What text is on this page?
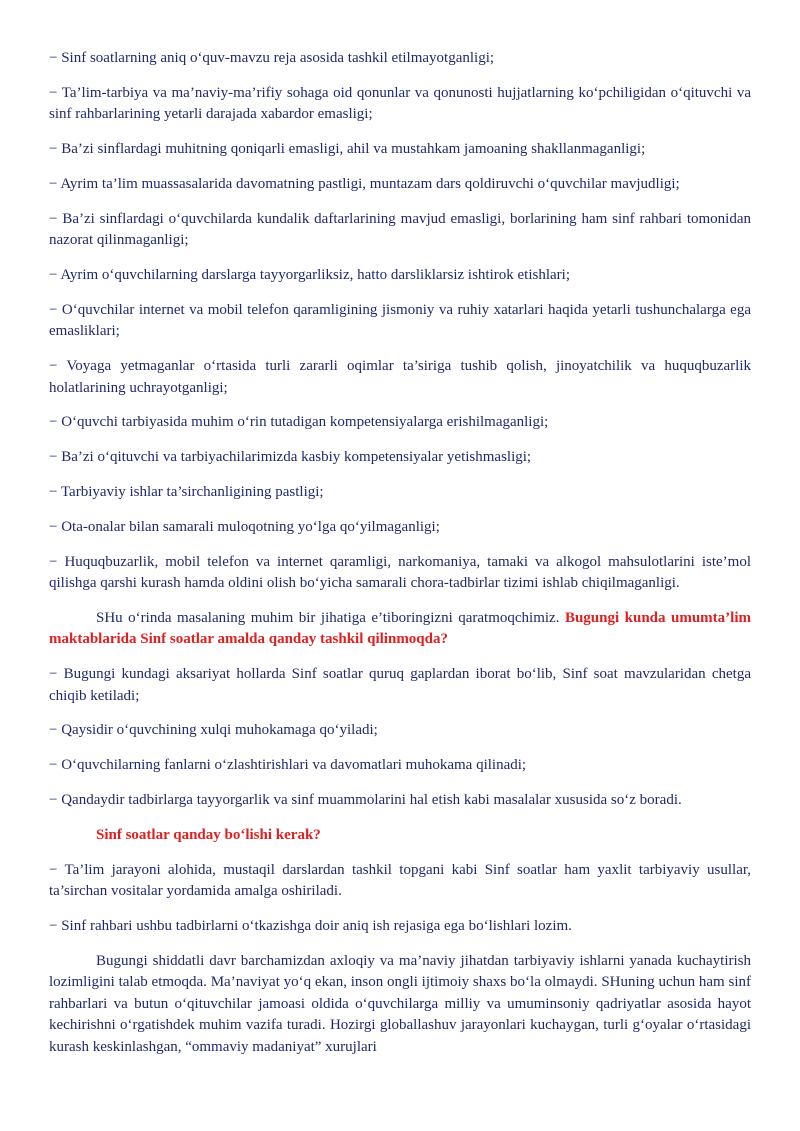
− Sinf soatlarning aniq o‘quv-mavzu reja asosida tashkil etilmayotganligi;

− Ta’lim-tarbiya va ma’naviy-ma’rifiy sohaga oid qonunlar va qonunosti hujjatlarning ko‘pchiligidan o‘qituvchi va sinf rahbarlarining yetarli darajada xabardor emasligi;

− Ba’zi sinflardagi muhitning qoniqarli emasligi, ahil va mustahkam jamoaning shakllanmaganligi;

− Ayrim ta’lim muassasalarida davomatning pastligi, muntazam dars qoldiruvchi o‘quvchilar mavjudligi;

− Ba’zi sinflardagi o‘quvchilarda kundalik daftarlarining mavjud emasligi, borlarining ham sinf rahbari tomonidan nazorat qilinmaganligi;

− Ayrim o‘quvchilarning darslarga tayyorgarliksiz, hatto darsliklarsiz ishtirok etishlari;

− O‘quvchilar internet va mobil telefon qaramligining jismoniy va ruhiy xatarlari haqida yetarli tushunchalarga ega emasliklari;

− Voyaga yetmaganlar o‘rtasida turli zararli oqimlar ta’siriga tushib qolish, jinoyatchilik va huquqbuzarlik holatlarining uchrayotganligi;

− O‘quvchi tarbiyasida muhim o‘rin tutadigan kompetensiyalarga erishilmaganligi;

− Ba’zi o‘qituvchi va tarbiyachilarimizda kasbiy kompetensiyalar yetishmasligi;

− Tarbiyaviy ishlar ta’sirchanligining pastligi;

− Ota-onalar bilan samarali muloqotning yo‘lga qo‘yilmaganligi;

− Huquqbuzarlik, mobil telefon va internet qaramligi, narkomaniya, tamaki va alkogol mahsulotlarini iste’mol qilishga qarshi kurash hamda oldini olish bo‘yicha samarali chora-tadbirlar tizimi ishlab chiqilmaganligi.

SHu o‘rinda masalaning muhim bir jihatiga e’tiboringizni qaratmoqchimiz. Bugungi kunda umumta’lim maktablarida Sinf soatlar amalda qanday tashkil qilinmoqda?

− Bugungi kundagi aksariyat hollarda Sinf soatlar quruq gaplardan iborat bo‘lib, Sinf soat mavzularidan chetga chiqib ketiladi;

− Qaysidir o‘quvchining xulqi muhokamaga qo‘yiladi;

− O‘quvchilarning fanlarni o‘zlashtirishlari va davomatlari muhokama qilinadi;

− Qandaydir tadbirlarga tayyorgarlik va sinf muammolarini hal etish kabi masalalar xususida so‘z boradi.

Sinf soatlar qanday bo‘lishi kerak?

− Ta’lim jarayoni alohida, mustaqil darslardan tashkil topgani kabi Sinf soatlar ham yaxlit tarbiyaviy usullar, ta’sirchan vositalar yordamida amalga oshiriladi.

− Sinf rahbari ushbu tadbirlarni o‘tkazishga doir aniq ish rejasiga ega bo‘lishlari lozim.

Bugungi shiddatli davr barchamizdan axloqiy va ma’naviy jihatdan tarbiyaviy ishlarni yanada kuchaytirish lozimligini talab etmoqda. Ma’naviyat yo‘q ekan, inson ongli ijtimoiy shaxs bo‘la olmaydi. SHuning uchun ham sinf rahbarlari va butun o‘qituvchilar jamoasi oldida o‘quvchilarga milliy va umuminsoniy qadriyatlar asosida hayot kechirishni o‘rgatishdek muhim vazifa turadi. Hozirgi globallashuv jarayonlari kuchaygan, turli g‘oyalar o‘rtasidagi kurash keskinlashgan, “ommaviy madaniyat” xurujlari
